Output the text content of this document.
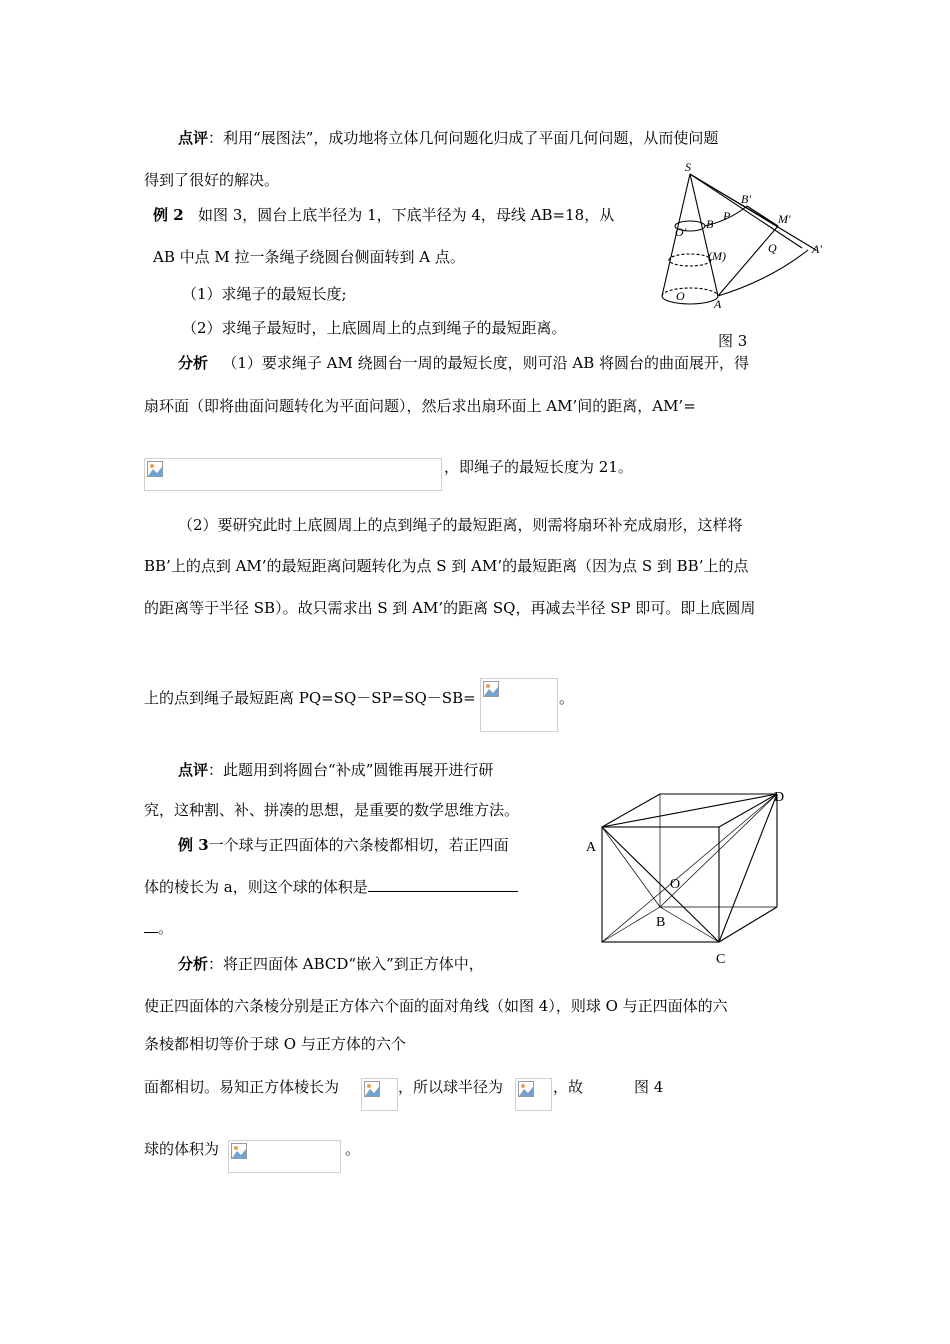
点评：利用“展图法”，成功地将立体几何问题化归成了平面几何问题，从而使问题
得到了很好的解决。
例 2 如图 3，圆台上底半径为 1，下底半径为 4，母线 AB=18，从
AB 中点 M 拉一条绳子绕圆台侧面转到 A 点。
（1）求绳子的最短长度;
（2）求绳子最短时，上底圆周上的点到绳子的最短距离。
S
B'
M'
A'
P
B
O'
Q
(M)
O
A
图 3
分析 （1）要求绳子 AM 绕圆台一周的最短长度，则可沿 AB 将圆台的曲面展开，得
扇环面（即将曲面问题转化为平面问题），然后求出扇环面上 AM’间的距离，AM’=
，即绳子的最短长度为 21。
（2）要研究此时上底圆周上的点到绳子的最短距离，则需将扇环补充成扇形，这样将
BB’上的点到 AM’的最短距离问题转化为点 S 到 AM’的最短距离（因为点 S 到 BB’上的点
的距离等于半径 SB）。故只需求出 S 到 AM’的距离 SQ，再减去半径 SP 即可。即上底圆周
上的点到绳子最短距离 PQ=SQ－SP=SQ－SB=	。
点评：此题用到将圆台“补成”圆锥再展开进行研
究，这种割、补、拼凑的思想，是重要的数学思维方法。
例 3一个球与正四面体的六条棱都相切，若正四面
体的棱长为 a，则这个球的体积是
。
A
B
C
D
O
分析：将正四面体 ABCD“嵌入”到正方体中，
使正四面体的六条棱分别是正方体六个面的面对角线（如图 4），则球 O 与正四面体的六
条棱都相切等价于球 O 与正方体的六个
面都相切。易知正方体棱长为	，所以球半径为	，故	图 4
球的体积为	。
